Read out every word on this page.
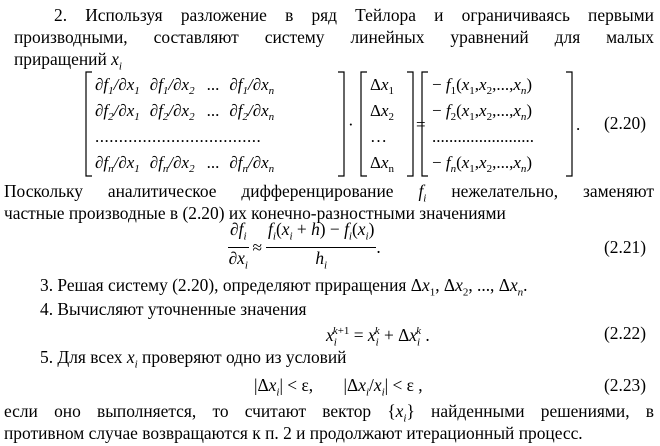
2. Используя разложение в ряд Тейлора и ограничиваясь первыми
производными, составляют систему линейных уравнений для малых
приращений $x_i$
$\partial f_1/\partial x_1$ $\partial f_1/\partial x_2$ ... $\partial f_1/\partial x_n$
$\partial f_2/\partial x_1$ $\partial f_2/\partial x_2$ ... $\partial f_2/\partial x_n$
...................................
$\partial f_n/\partial x_1$ $\partial f_n/\partial x_2$ ... $\partial f_n/\partial x_n$
·
$\Delta x_1$
$\Delta x_2$
…
$\Delta x_n$
=
− $f_1(x_1,x_2,...,x_n)$
− $f_2(x_1,x_2,...,x_n)$
........................
− $f_n(x_1,x_2,...,x_n)$
. (2.20)
Поскольку аналитическое дифференцирование $f_i$ нежелательно, заменяют
частные производные в (2.20) их конечно-разностными значениями
$\frac{\partial f_i}{\partial x_i} \approx \frac{f_i(x_i + h) - f_i(x_i)}{h_i}$ .	(2.21)
3. Решая систему (2.20), определяют приращения $\Delta x_1$, $\Delta x_2$, ..., $\Delta x_n$.
4. Вычисляют уточненные значения
$x_i^{k+1} = x_i^k + \Delta x_i^k$ .	(2.22)
5. Для всех $x_i$ проверяют одно из условий
$|\Delta x_i| < \varepsilon$,       $|\Delta x_i/x_i| < \varepsilon$ ,	(2.23)
если оно выполняется, то считают вектор $\{x_i\}$ найденными решениями, в
противном случае возвращаются к п. 2 и продолжают итерационный процесс.
